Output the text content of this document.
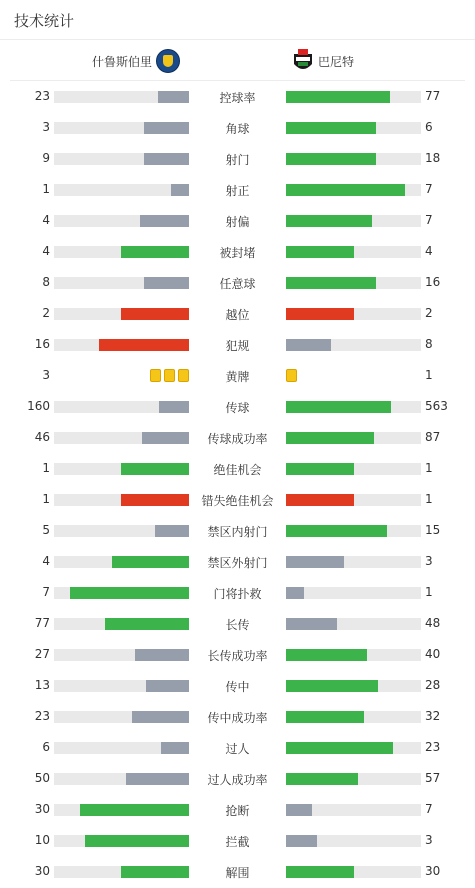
技术统计
什鲁斯伯里	巴尼特
23	控球率	77
3	角球	6
9	射门	18
1	射正	7
4	射偏	7
4	被封堵	4
8	任意球	16
2	越位	2
16	犯规	8
3	黄牌	1
160	传球	563
46	传球成功率	87
1	绝佳机会	1
1	错失绝佳机会	1
5	禁区内射门	15
4	禁区外射门	3
7	门将扑救	1
77	长传	48
27	长传成功率	40
13	传中	28
23	传中成功率	32
6	过人	23
50	过人成功率	57
30	抢断	7
10	拦截	3
30	解围	30
